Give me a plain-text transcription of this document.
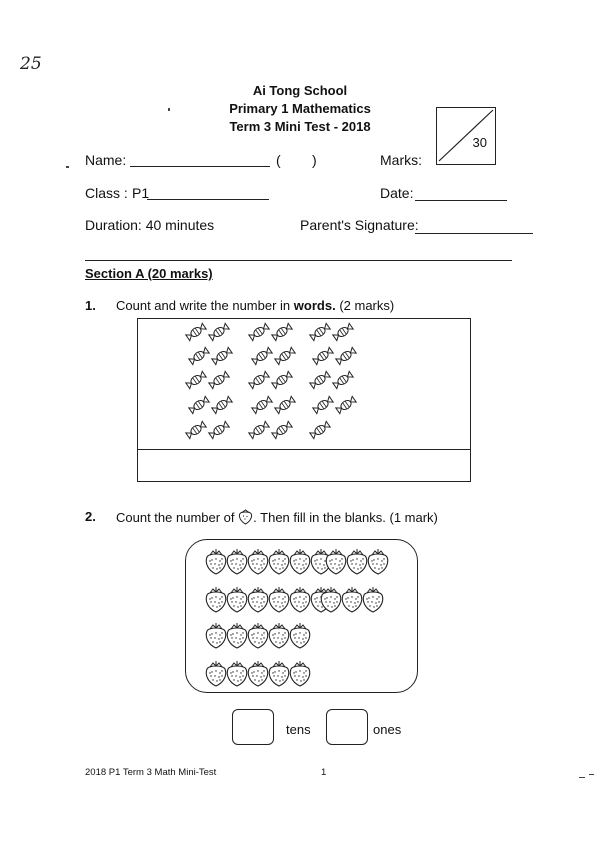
25
Ai Tong School
Primary 1 Mathematics
Term 3 Mini Test - 2018
30
Name:	( )	Marks:
Class : P1	Date:
Duration: 40 minutes	Parent's Signature:
Section A (20 marks)
1. Count and write the number in words. (2 marks)
2. Count the number of . Then fill in the blanks. (1 mark)
tens	ones
2018 P1 Term 3 Math Mini-Test	1
